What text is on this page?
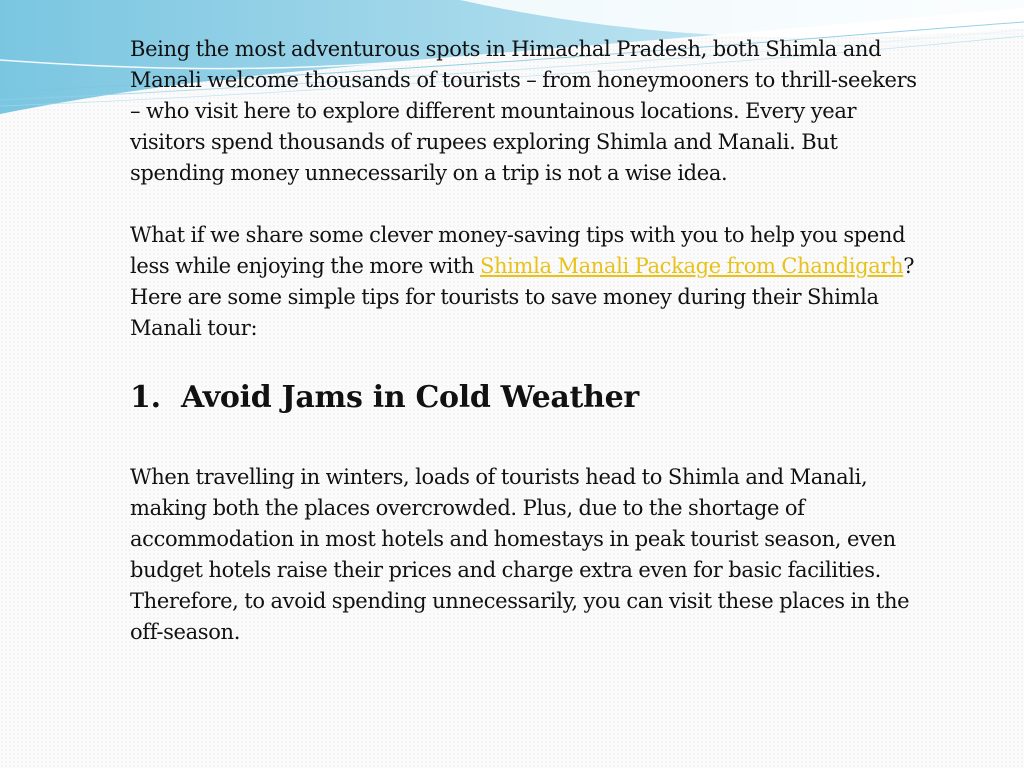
Being the most adventurous spots in Himachal Pradesh, both Shimla and Manali welcome thousands of tourists – from honeymooners to thrill-seekers – who visit here to explore different mountainous locations. Every year visitors spend thousands of rupees exploring Shimla and Manali. But spending money unnecessarily on a trip is not a wise idea.

What if we share some clever money-saving tips with you to help you spend less while enjoying the more with Shimla Manali Package from Chandigarh? Here are some simple tips for tourists to save money during their Shimla Manali tour:

1. Avoid Jams in Cold Weather

When travelling in winters, loads of tourists head to Shimla and Manali, making both the places overcrowded. Plus, due to the shortage of accommodation in most hotels and homestays in peak tourist season, even budget hotels raise their prices and charge extra even for basic facilities. Therefore, to avoid spending unnecessarily, you can visit these places in the off-season.
